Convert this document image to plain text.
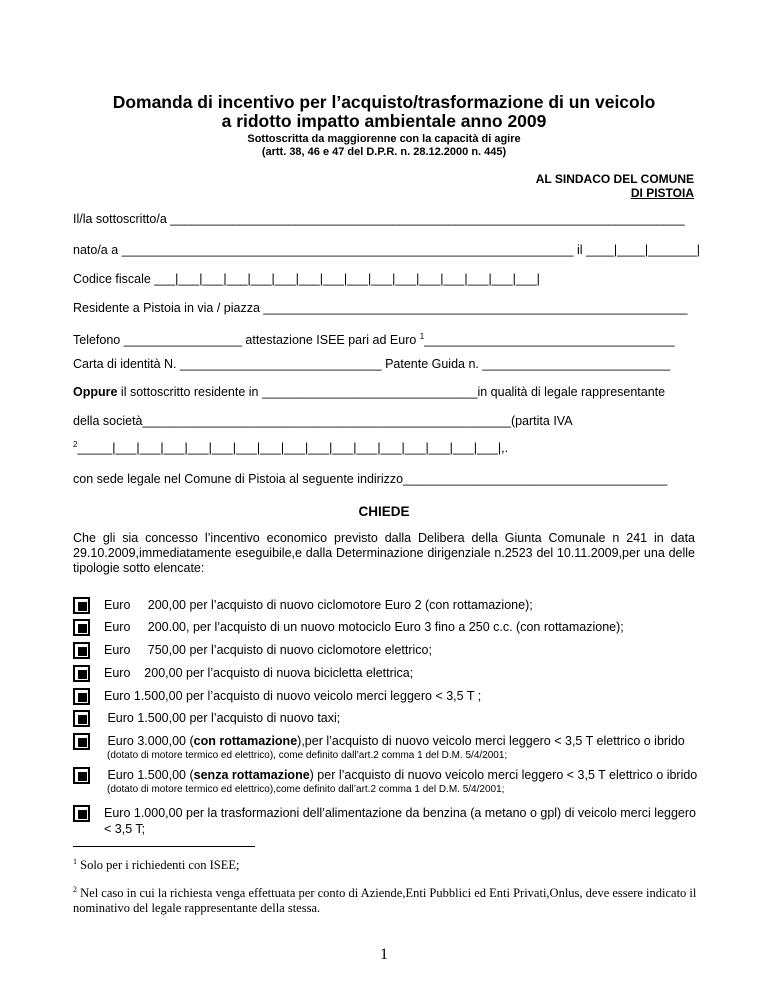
Domanda di incentivo per l’acquisto/trasformazione di un veicolo
a ridotto impatto ambientale anno 2009
Sottoscritta da maggiorenne con la capacità di agire
(artt. 38, 46 e 47 del D.P.R. n. 28.12.2000 n. 445)
AL SINDACO DEL COMUNE
DI PISTOIA
Il/la sottoscritto/a __________________________________________________________________________
nato/a a _________________________________________________________________ il ____|____|_______|
Codice fiscale ___|___|___|___|___|___|___|___|___|___|___|___|___|___|___|___|
Residente a Pistoia in via / piazza _____________________________________________________________
Telefono _________________ attestazione ISEE pari ad Euro $^1$____________________________________
Carta di identità N. _____________________________ Patente Guida n. ___________________________
Oppure il sottoscritto residente in _______________________________in qualità di legale rappresentante
della società_____________________________________________________(partita IVA
$^2$_____|___|___|___|___|___|___|___|___|___|___|___|___|___|___|___|___|,.
con sede legale nel Comune di Pistoia al seguente indirizzo______________________________________
CHIEDE
Che gli sia concesso l’incentivo economico previsto dalla Delibera della Giunta Comunale n 241 in data 29.10.2009,immediatamente eseguibile,e dalla Determinazione dirigenziale n.2523 del 10.11.2009,per una delle tipologie sotto elencate:
Euro     200,00 per l’acquisto di nuovo ciclomotore Euro 2 (con rottamazione);
Euro     200.00, per l’acquisto di un nuovo motociclo Euro 3 fino a 250 c.c. (con rottamazione);
Euro     750,00 per l’acquisto di nuovo ciclomotore elettrico;
Euro    200,00 per l’acquisto di nuova bicicletta elettrica;
Euro 1.500,00 per l’acquisto di nuovo veicolo merci leggero < 3,5 T ;
Euro 1.500,00 per l’acquisto di nuovo taxi;
Euro 3.000,00 (con rottamazione),per l’acquisto di nuovo veicolo merci leggero < 3,5 T elettrico o ibrido
(dotato di motore termico ed elettrico), come definito dall’art.2 comma 1 del D.M. 5/4/2001;
Euro 1.500,00 (senza rottamazione) per l’acquisto di nuovo veicolo merci leggero < 3,5 T elettrico o ibrido
(dotato di motore termico ed elettrico),come definito dall’art.2 comma 1 del D.M. 5/4/2001;
Euro 1.000,00 per la trasformazioni dell’alimentazione da benzina (a metano o gpl) di veicolo merci leggero
< 3,5 T;
$^1$ Solo per i richiedenti con ISEE;
$^2$ Nel caso in cui la richiesta venga effettuata per conto di Aziende,Enti Pubblici ed Enti Privati,Onlus, deve essere indicato il nominativo del legale rappresentante della stessa.
1
